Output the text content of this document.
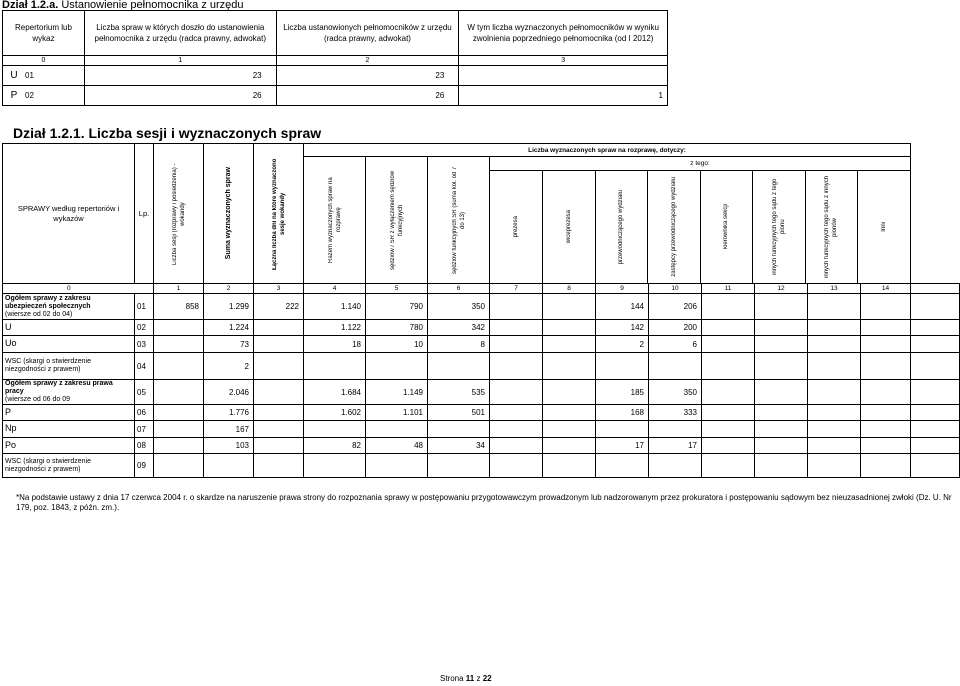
Dział 1.2.a. Ustanowienie pełnomocnika z urzędu
Repertorium lub wykaz	Liczba spraw w których doszło do ustanowienia pełnomocnika z urzędu (radca prawny, adwokat)	Liczba ustanowionych pełnomocników z urzędu (radca prawny, adwokat)	W tym liczba wyznaczonych pełnomocników w wyniku zwolnienia poprzedniego pełnomocnika (od I 2012)
0	1	2	3
U 01	23	23	
P 02	26	26	1
Dział 1.2.1. Liczba sesji i wyznaczonych spraw
SPRAWY według repertoriów i wykazów	Lp.	Liczba sesji (rozprawy i posiedzenia) - wokandy	Suma wyznaczonych spraw	Łączna liczba dni na które wyznaczono sesje wokandy
	Liczba wyznaczonych spraw na rozprawę, dotyczy:

Razem wyznaczonych spraw na rozprawę	sędziów / SR z wyłączeniem sędziów funkcyjnych	sędziów funkcyjnych SR (suma kol. od 7 do 13)

z tego:
prezesa	wiceprezesa	przewodniczącego wydziału	zastępcy przewodniczącego wydziału	kierownika sekcji	innych funkcyjnych tego sądu z tego pionu	innych funkcyjnych tego sądu z innych pionów	Inni

0	1	2	3	4	5	6	7	8	9	10	11	12	13	14	
Ogółem sprawy z zakresu ubezpieczeń społecznych
(wiersze od 02 do 04)	01	858	1.299	222	1.140	790	350			144	206					
U	02		1.224		1.122	780	342			142	200					
Uo	03		73		18	10	8			2	6					
WSC (skargi o stwierdzenie niezgodności z prawem)	04		2													
Ogółem sprawy z zakresu prawa pracy
(wiersze od 06 do 09	05		2.046		1.684	1.149	535			185	350					
P	06		1.776		1.602	1.101	501			168	333					
Np	07		167													
Po	08		103		82	48	34			17	17					
WSC (skargi o stwierdzenie niezgodności z prawem)	09															
*Na podstawie ustawy z dnia 17 czerwca 2004 r. o skardze na naruszenie prawa strony do rozpoznania sprawy w postępowaniu przygotowawczym prowadzonym lub nadzorowanym przez prokuratora i postępowaniu sądowym bez nieuzasadnionej zwłoki (Dz. U. Nr 179, poz. 1843, z późn. zm.).
Strona 11 z 22
